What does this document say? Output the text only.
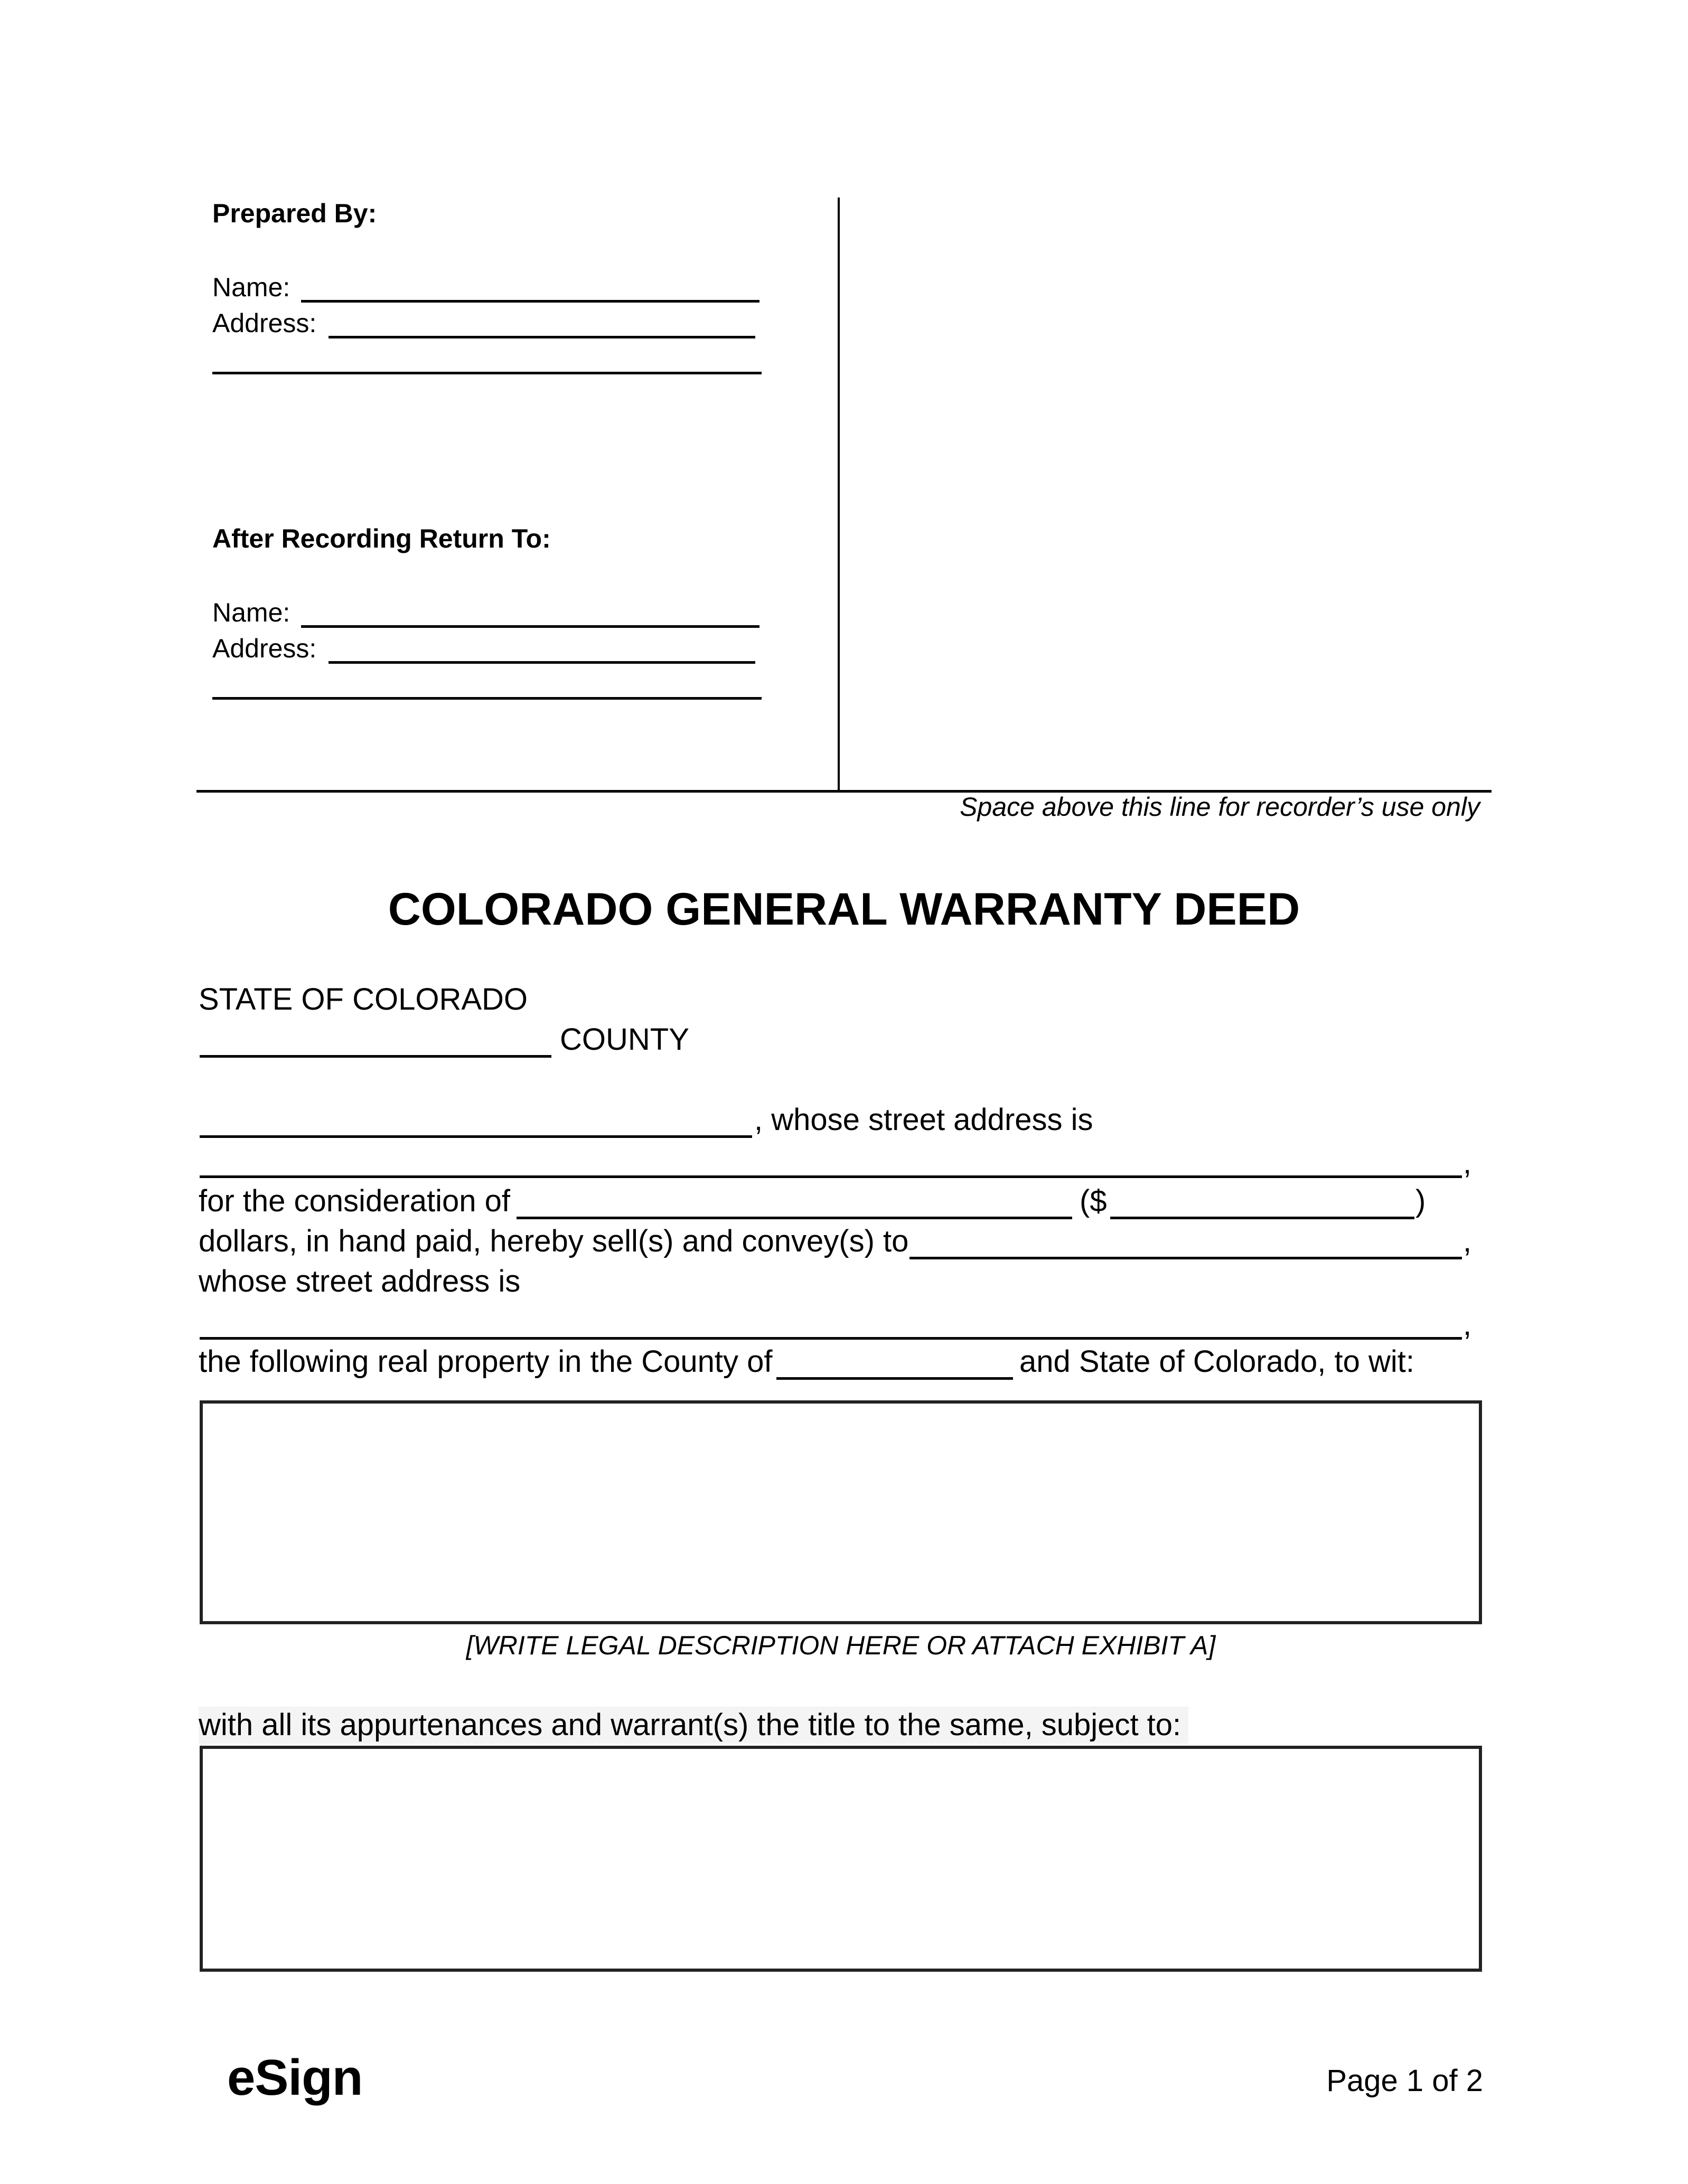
Prepared By:
Name:
Address:
After Recording Return To:
Name:
Address:
Space above this line for recorder’s use only
COLORADO GENERAL WARRANTY DEED
STATE OF COLORADO
COUNTY
, whose street address is
,
for the consideration of	($	)
dollars, in hand paid, hereby sell(s) and convey(s) to	,
whose street address is
,
the following real property in the County of	and State of Colorado, to wit:
[WRITE LEGAL DESCRIPTION HERE OR ATTACH EXHIBIT A]
with all its appurtenances and warrant(s) the title to the same, subject to:
eSign	Page 1 of 2
